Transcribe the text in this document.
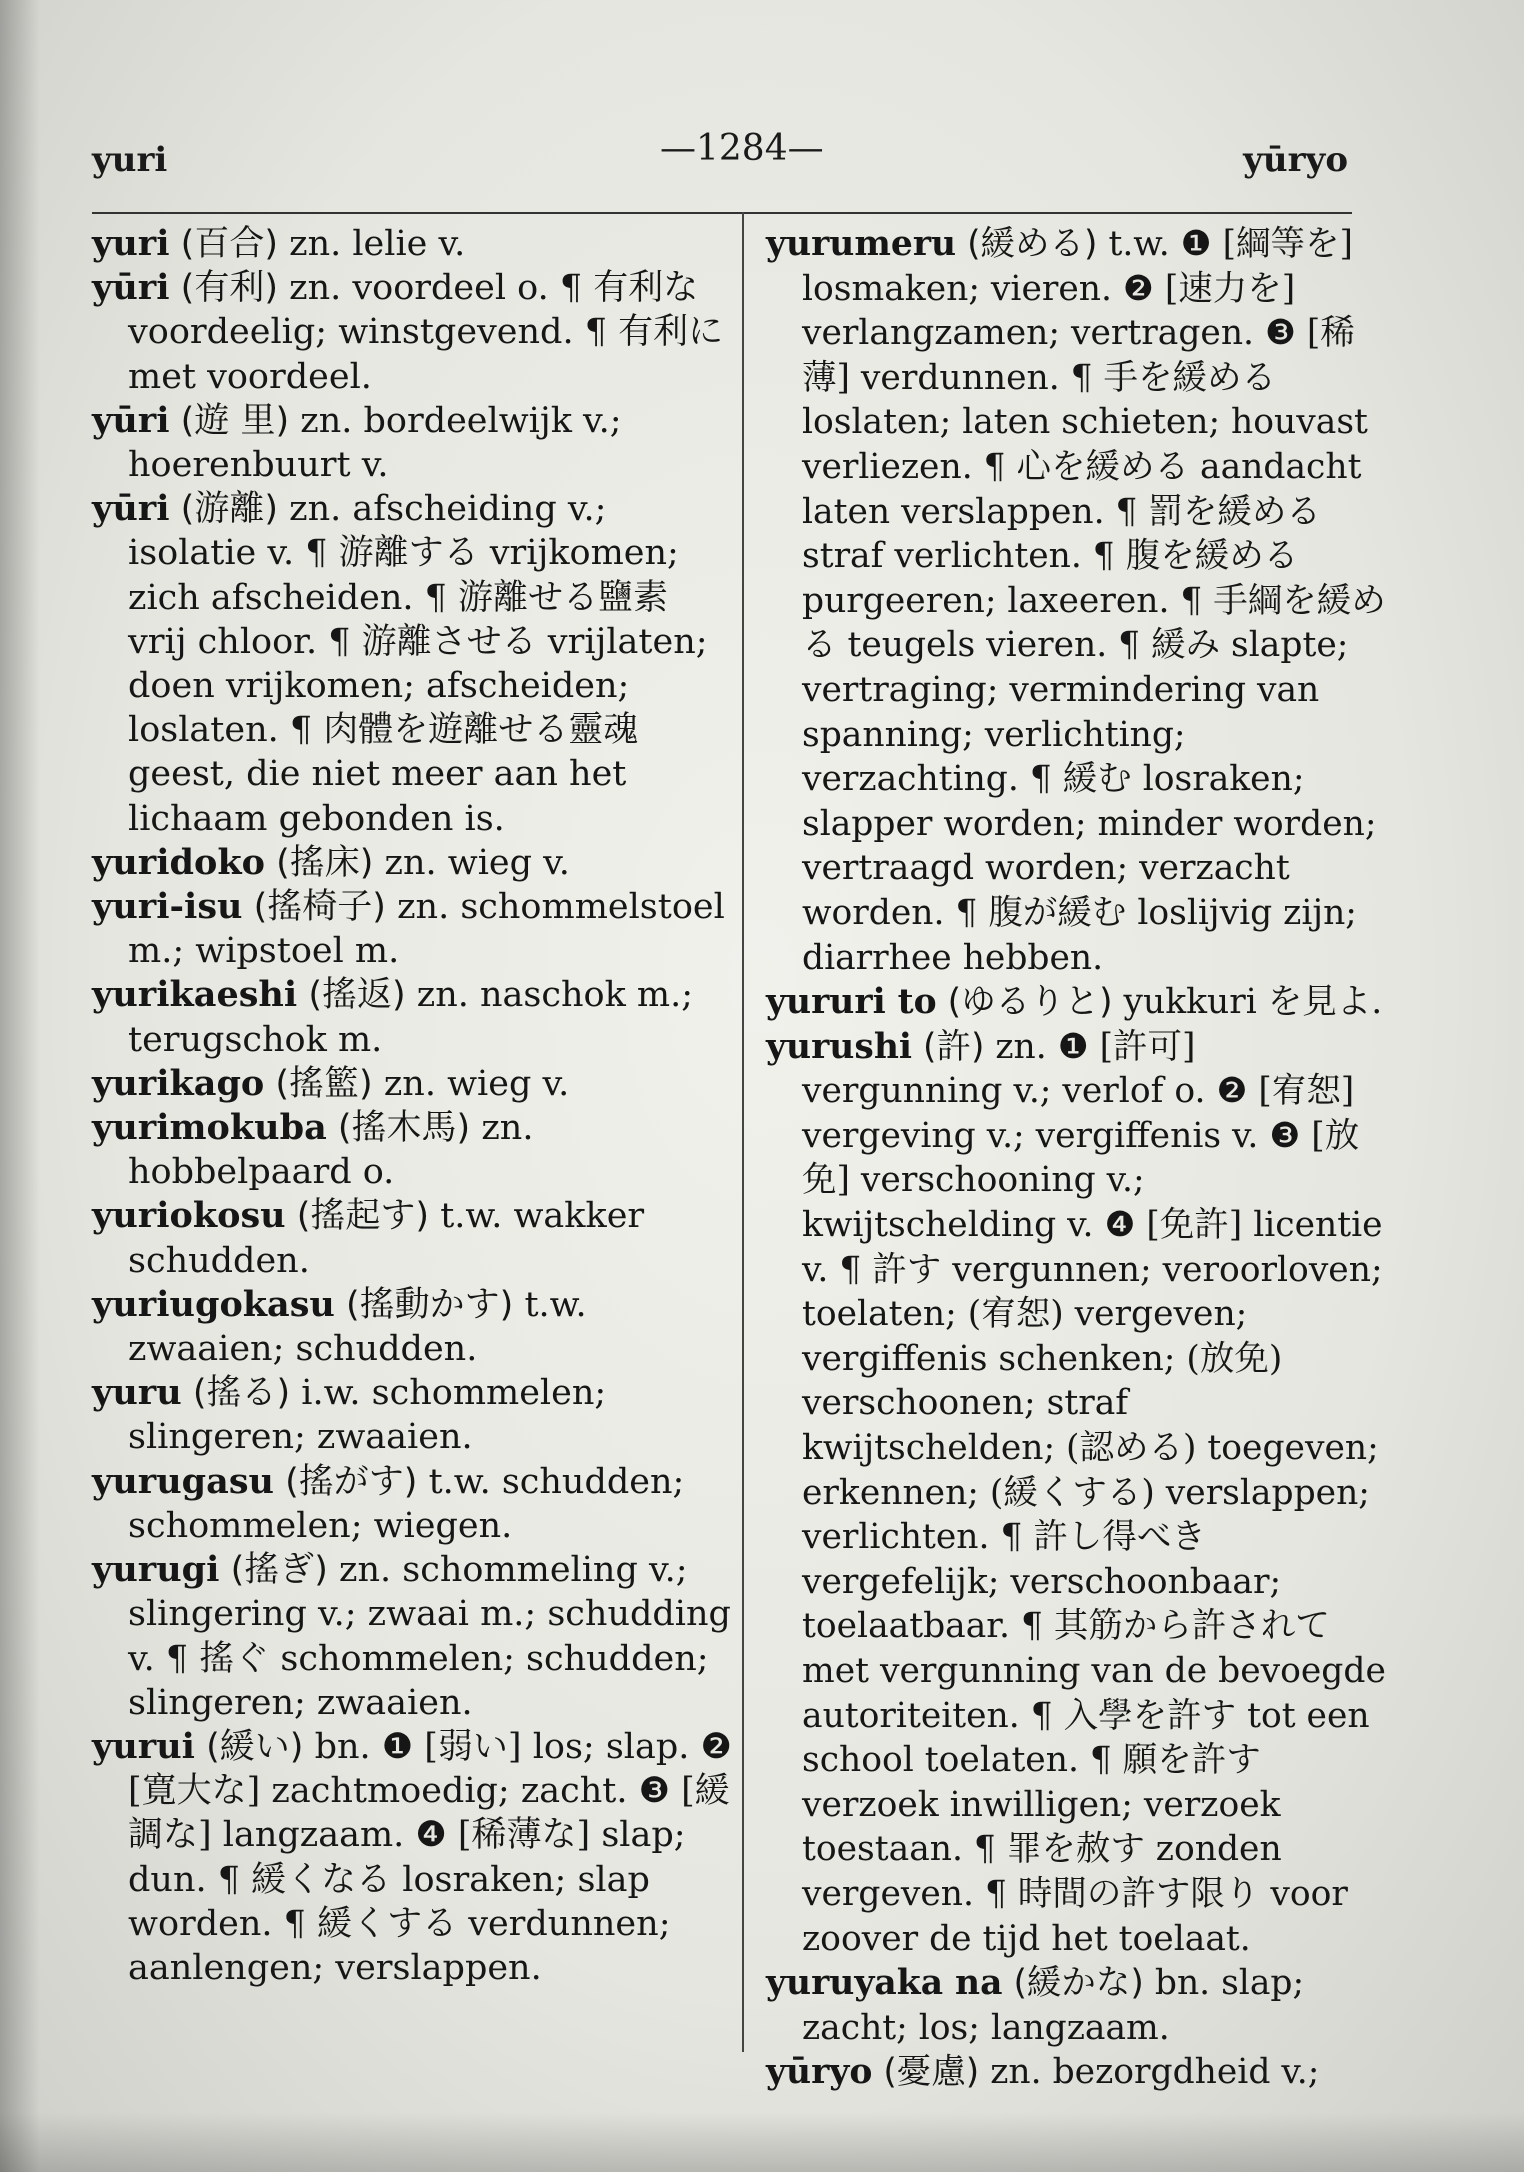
yuri	—1284—	yūryo

yuri (百合) zn. lelie v.

yūri (有利) zn. voordeel o. ¶ 有利な voordeelig; winstgevend. ¶ 有利に met voordeel.

yūri (遊 里) zn. bordeelwijk v.; hoerenbuurt v.

yūri (游離) zn. afscheiding v.; isolatie v. ¶ 游離する vrijkomen; zich afscheiden. ¶ 游離せる鹽素 vrij chloor. ¶ 游離させる vrijlaten; doen vrijkomen; afscheiden; loslaten. ¶ 肉體を遊離せる靈魂 geest, die niet meer aan het lichaam gebonden is.

yuridoko (搖床) zn. wieg v.

yuri-isu (搖椅子) zn. schommelstoel m.; wipstoel m.

yurikaeshi (搖返) zn. naschok m.; terugschok m.

yurikago (搖籃) zn. wieg v.

yurimokuba (搖木馬) zn. hobbelpaard o.

yuriokosu (搖起す) t.w. wakker schudden.

yuriugokasu (搖動かす) t.w. zwaaien; schudden.

yuru (搖る) i.w. schommelen; slingeren; zwaaien.

yurugasu (搖がす) t.w. schudden; schommelen; wiegen.

yurugi (搖ぎ) zn. schommeling v.; slingering v.; zwaai m.; schudding v. ¶ 搖ぐ schommelen; schudden; slingeren; zwaaien.

yurui (緩い) bn. ❶ [弱い] los; slap. ❷ [寛大な] zachtmoedig; zacht. ❸ [緩調な] langzaam. ❹ [稀薄な] slap; dun. ¶ 緩くなる losraken; slap worden. ¶ 緩くする verdunnen; aanlengen; verslappen.

yurumeru (緩める) t.w. ❶ [綱等を] losmaken; vieren. ❷ [速力を] verlangzamen; vertragen. ❸ [稀薄] verdunnen. ¶ 手を緩める loslaten; laten schieten; houvast verliezen. ¶ 心を緩める aandacht laten verslappen. ¶ 罰を緩める straf verlichten. ¶ 腹を緩める purgeeren; laxeeren. ¶ 手綱を緩める teugels vieren. ¶ 緩み slapte; vertraging; vermindering van spanning; verlichting; verzachting. ¶ 緩む losraken; slapper worden; minder worden; vertraagd worden; verzacht worden. ¶ 腹が緩む loslijvig zijn; diarrhee hebben.

yururi to (ゆるりと) yukkuri を見よ.

yurushi (許) zn. ❶ [許可] vergunning v.; verlof o. ❷ [宥恕] vergeving v.; vergiffenis v. ❸ [放免] verschooning v.; kwijtschelding v. ❹ [免許] licentie v. ¶ 許す vergunnen; veroorloven; toelaten; (宥恕) vergeven; vergiffenis schenken; (放免) verschoonen; straf kwijtschelden; (認める) toegeven; erkennen; (緩くする) verslappen; verlichten. ¶ 許し得べき vergefelijk; verschoonbaar; toelaatbaar. ¶ 其筋から許されて met vergunning van de bevoegde autoriteiten. ¶ 入學を許す tot een school toelaten. ¶ 願を許す verzoek inwilligen; verzoek toestaan. ¶ 罪を赦す zonden vergeven. ¶ 時間の許す限り voor zoover de tijd het toelaat.

yuruyaka na (緩かな) bn. slap; zacht; los; langzaam.

yūryo (憂慮) zn. bezorgdheid v.;
